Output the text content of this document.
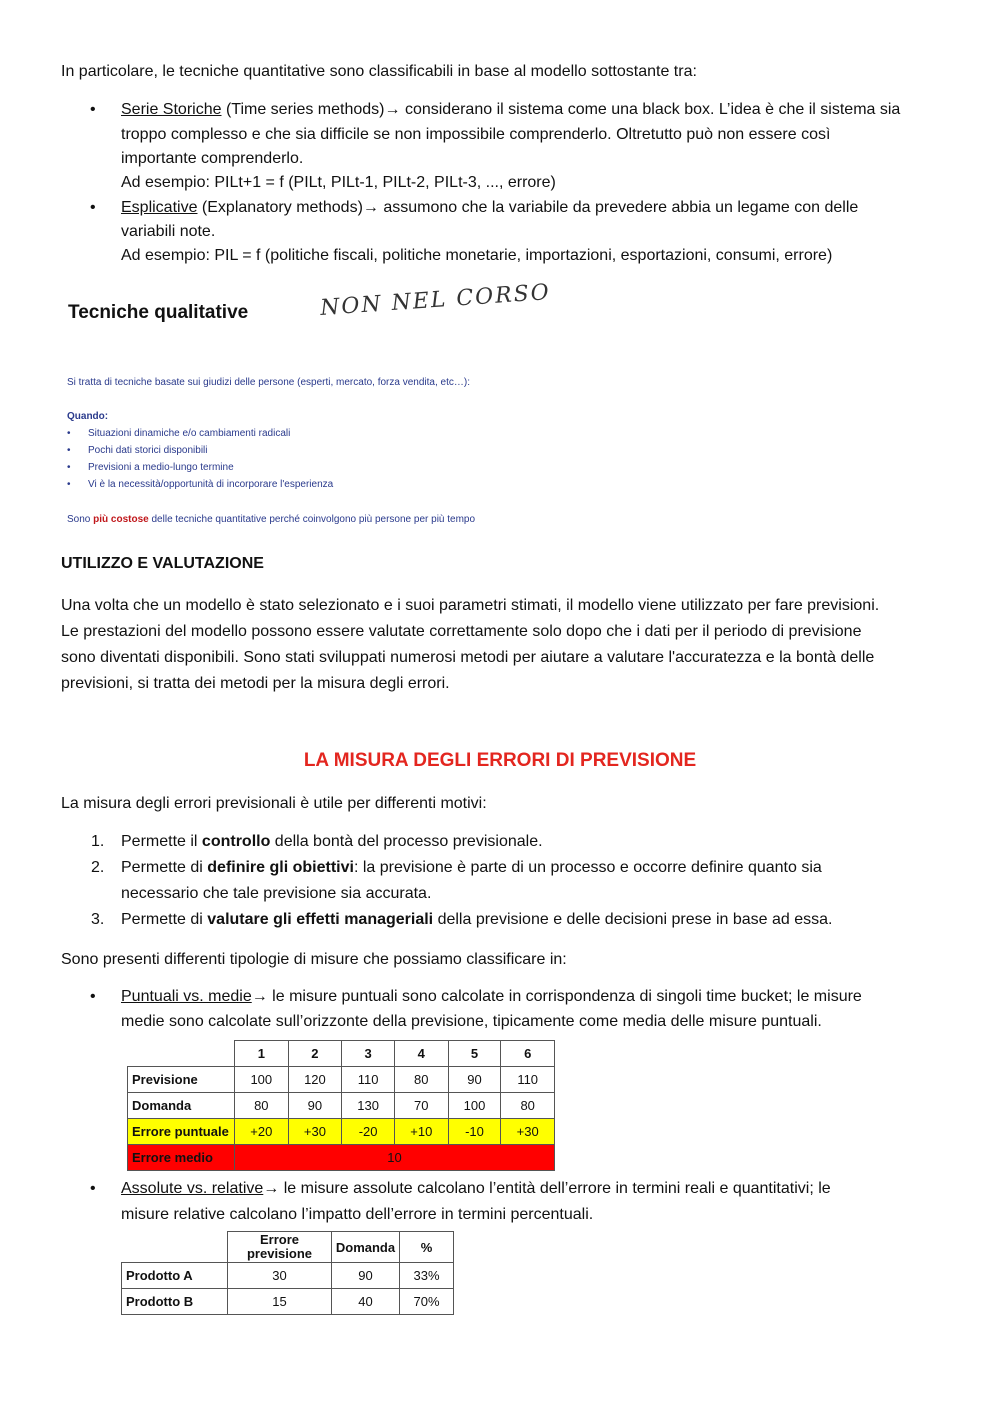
In particolare, le tecniche quantitative sono classificabili in base al modello sottostante tra:
• Serie Storiche (Time series methods)→ considerano il sistema come una black box. L’idea è che il sistema sia
troppo complesso e che sia difficile se non impossibile comprenderlo. Oltretutto può non essere così
importante comprenderlo.
Ad esempio: PILt+1 = f (PILt, PILt-1, PILt-2, PILt-3, ..., errore)
• Esplicative (Explanatory methods)→ assumono che la variabile da prevedere abbia un legame con delle
variabili note.
Ad esempio: PIL = f (politiche fiscali, politiche monetarie, importazioni, esportazioni, consumi, errore)
Tecniche qualitative	NON NEL CORSO
Si tratta di tecniche basate sui giudizi delle persone (esperti, mercato, forza vendita, etc…):
Quando:
• Situazioni dinamiche e/o cambiamenti radicali
• Pochi dati storici disponibili
• Previsioni a medio-lungo termine
• Vi è la necessità/opportunità di incorporare l'esperienza
Sono più costose delle tecniche quantitative perché coinvolgono più persone per più tempo
UTILIZZO E VALUTAZIONE
Una volta che un modello è stato selezionato e i suoi parametri stimati, il modello viene utilizzato per fare previsioni.
Le prestazioni del modello possono essere valutate correttamente solo dopo che i dati per il periodo di previsione
sono diventati disponibili. Sono stati sviluppati numerosi metodi per aiutare a valutare l'accuratezza e la bontà delle
previsioni, si tratta dei metodi per la misura degli errori.
LA MISURA DEGLI ERRORI DI PREVISIONE
La misura degli errori previsionali è utile per differenti motivi:
1. Permette il controllo della bontà del processo previsionale.
2. Permette di definire gli obiettivi: la previsione è parte di un processo e occorre definire quanto sia
necessario che tale previsione sia accurata.
3. Permette di valutare gli effetti manageriali della previsione e delle decisioni prese in base ad essa.
Sono presenti differenti tipologie di misure che possiamo classificare in:
• Puntuali vs. medie→ le misure puntuali sono calcolate in corrispondenza di singoli time bucket; le misure
medie sono calcolate sull’orizzonte della previsione, tipicamente come media delle misure puntuali.
	1	2	3	4	5	6
Previsione	100	120	110	80	90	110
Domanda	80	90	130	70	100	80
Errore puntuale	+20	+30	-20	+10	-10	+30
Errore medio	10					
• Assolute vs. relative→ le misure assolute calcolano l’entità dell’errore in termini reali e quantitativi; le
misure relative calcolano l’impatto dell’errore in termini percentuali.
	Errore previsione	Domanda	%
Prodotto A	30	90	33%
Prodotto B	15	40	70%
